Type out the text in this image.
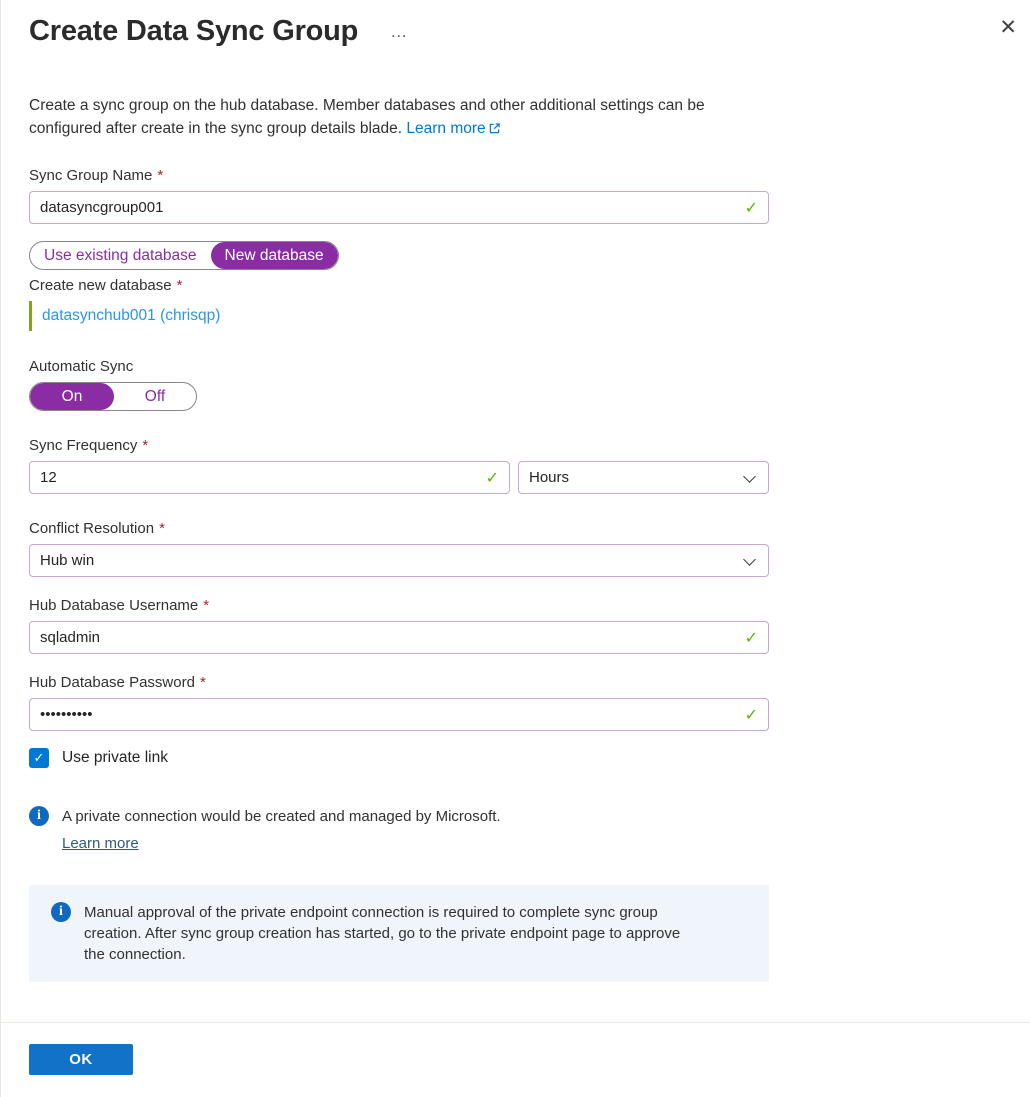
Create Data Sync Group …	✕

Create a sync group on the hub database. Member databases and other additional settings can be configured after create in the sync group details blade. Learn more

Sync Group Name *
datasyncgroup001
✓
Use existing database	New database
Create new database *
datasynchub001 (chrisqp)
Automatic Sync
On	Off
Sync Frequency *
12
✓ Hours
Conflict Resolution *
Hub win
Hub Database Username *
sqladmin
✓
Hub Database Password *
••••••••••
✓
✓ Use private link
i	A private connection would be created and managed by Microsoft.
Learn more
i	Manual approval of the private endpoint connection is required to complete sync group creation. After sync group creation has started, go to the private endpoint page to approve the connection.
OK
